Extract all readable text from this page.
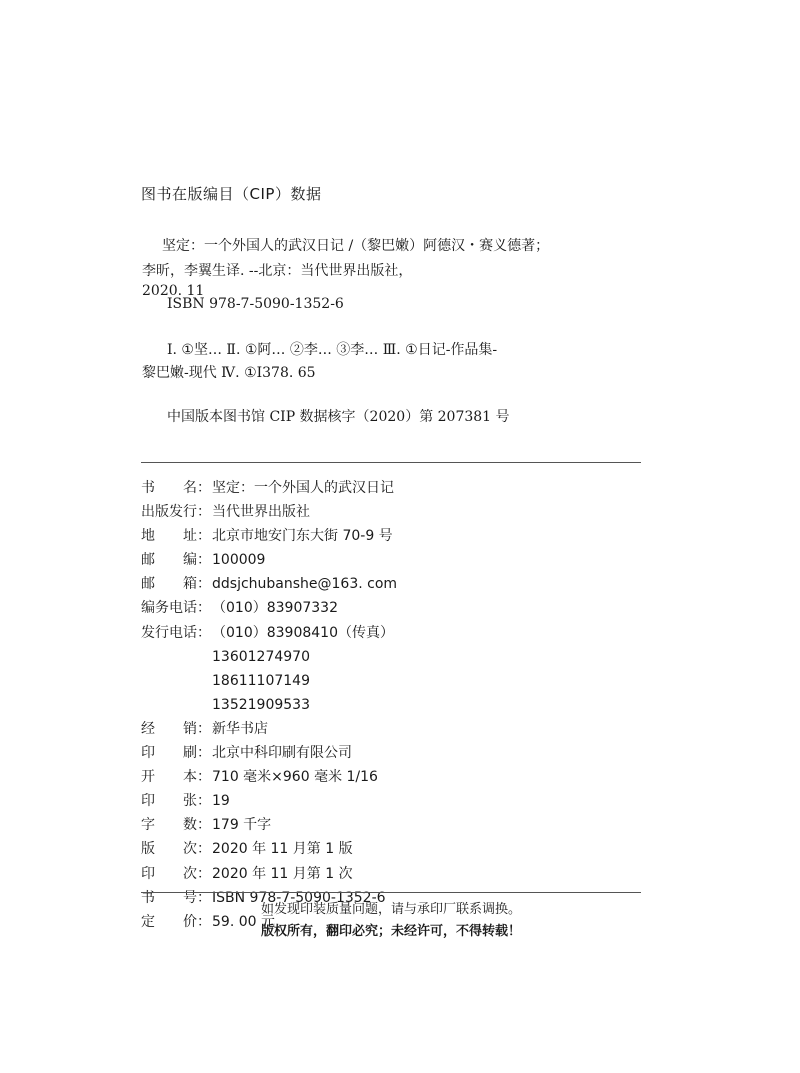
图书在版编目（CIP）数据
坚定：一个外国人的武汉日记 /（黎巴嫩）阿德汉・赛义德著；
李昕，李翼生译. --北京：当代世界出版社，
2020. 11
ISBN 978-7-5090-1352-6
Ⅰ. ①坚… Ⅱ. ①阿… ②李… ③李… Ⅲ. ①日记-作品集-
黎巴嫩-现代 Ⅳ. ①I378. 65
中国版本图书馆 CIP 数据核字（2020）第 207381 号
书 名： 坚定：一个外国人的武汉日记
出版发行： 当代世界出版社
地 址： 北京市地安门东大街 70-9 号
邮 编： 100009
邮 箱： ddsjchubanshe@163. com
编务电话： （010）83907332
发行电话： （010）83908410（传真）
13601274970
18611107149
13521909533
经 销： 新华书店
印 刷： 北京中科印刷有限公司
开 本： 710 毫米×960 毫米 1/16
印 张： 19
字 数： 179 千字
版 次： 2020 年 11 月第 1 版
印 次： 2020 年 11 月第 1 次
书 号： ISBN 978-7-5090-1352-6
定 价： 59. 00 元
如发现印装质量问题，请与承印厂联系调换。
版权所有，翻印必究；未经许可，不得转载！
